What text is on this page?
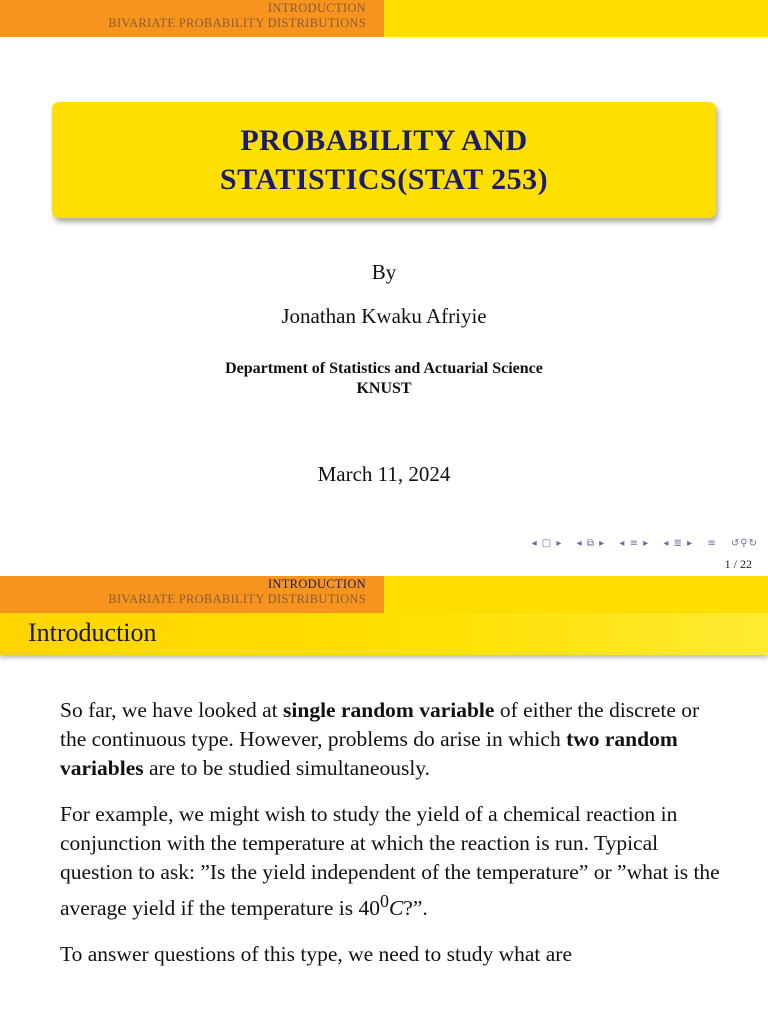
INTRODUCTION
BIVARIATE PROBABILITY DISTRIBUTIONS
PROBABILITY AND STATISTICS(STAT 253)
By
Jonathan Kwaku Afriyie
Department of Statistics and Actuarial Science
KNUST
March 11, 2024
◂ ▢ ▸ ◂ ⧉ ▸ ◂ ≡ ▸ ◂ ≣ ▸ ≡ ↺⚲↻
1 / 22
INTRODUCTION
BIVARIATE PROBABILITY DISTRIBUTIONS
Introduction

So far, we have looked at single random variable of either the discrete or the continuous type. However, problems do arise in which two random variables are to be studied simultaneously.

For example, we might wish to study the yield of a chemical reaction in conjunction with the temperature at which the reaction is run. Typical question to ask: ”Is the yield independent of the temperature” or ”what is the average yield if the temperature is $40^0C$?”.

To answer questions of this type, we need to study what are
